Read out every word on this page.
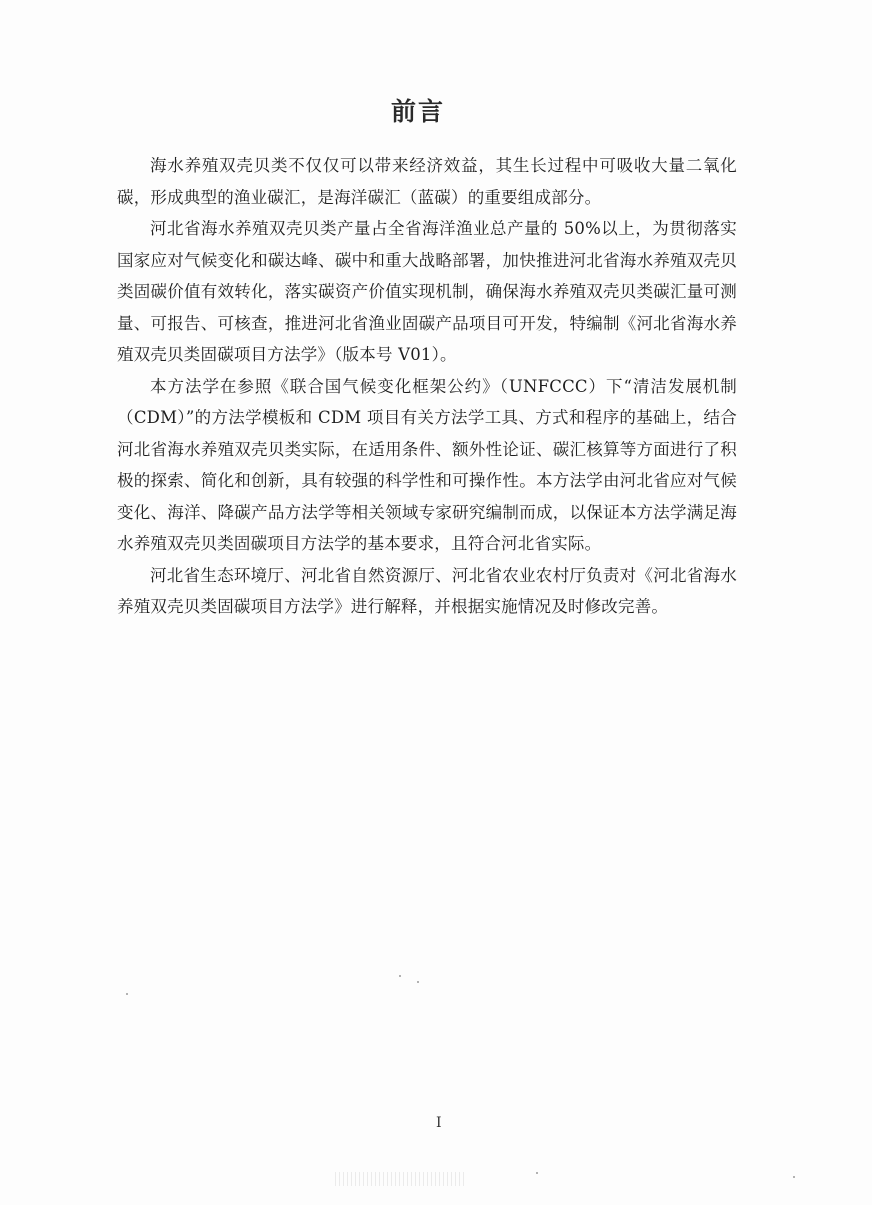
前言

海水养殖双壳贝类不仅仅可以带来经济效益，其生长过程中可吸收大量二氧化碳，形成典型的渔业碳汇，是海洋碳汇（蓝碳）的重要组成部分。

河北省海水养殖双壳贝类产量占全省海洋渔业总产量的 50%以上，为贯彻落实国家应对气候变化和碳达峰、碳中和重大战略部署，加快推进河北省海水养殖双壳贝类固碳价值有效转化，落实碳资产价值实现机制，确保海水养殖双壳贝类碳汇量可测量、可报告、可核查，推进河北省渔业固碳产品项目可开发，特编制《河北省海水养殖双壳贝类固碳项目方法学》（版本号 V01）。

本方法学在参照《联合国气候变化框架公约》（UNFCCC）下“清洁发展机制（CDM）”的方法学模板和 CDM 项目有关方法学工具、方式和程序的基础上，结合河北省海水养殖双壳贝类实际，在适用条件、额外性论证、碳汇核算等方面进行了积极的探索、简化和创新，具有较强的科学性和可操作性。本方法学由河北省应对气候变化、海洋、降碳产品方法学等相关领域专家研究编制而成，以保证本方法学满足海水养殖双壳贝类固碳项目方法学的基本要求，且符合河北省实际。

河北省生态环境厅、河北省自然资源厅、河北省农业农村厅负责对《河北省海水养殖双壳贝类固碳项目方法学》进行解释，并根据实施情况及时修改完善。

I
